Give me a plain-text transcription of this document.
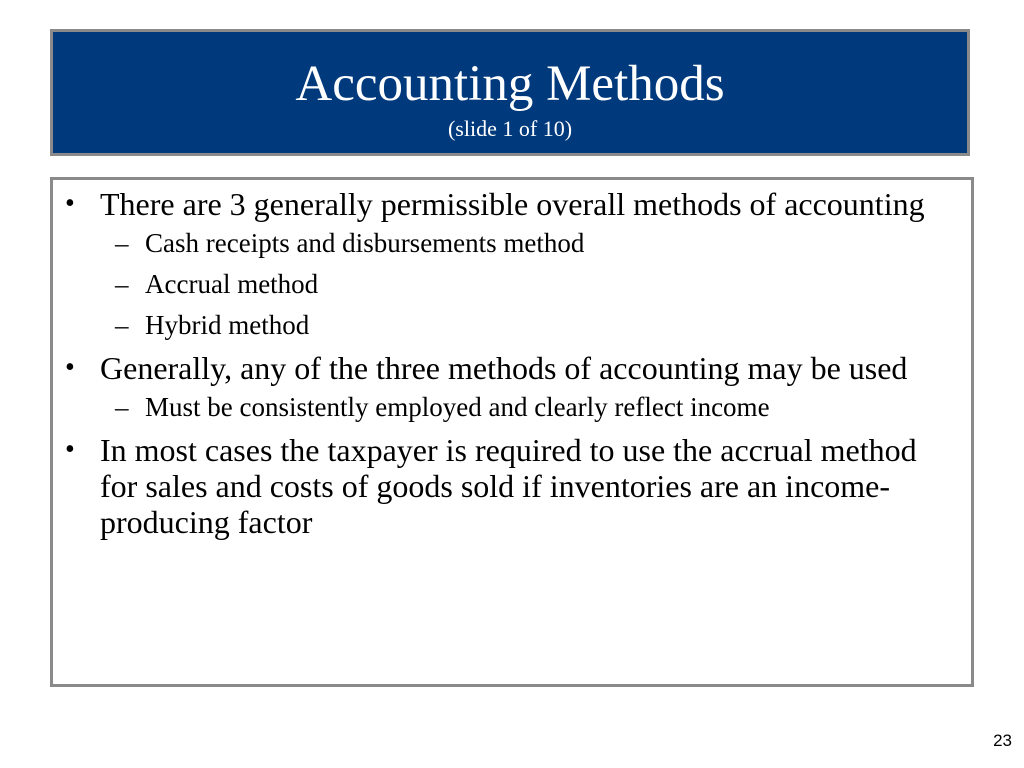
Accounting Methods
(slide 1 of 10)
• There are 3 generally permissible overall methods of accounting
– Cash receipts and disbursements method
– Accrual method
– Hybrid method
• Generally, any of the three methods of accounting may be used
– Must be consistently employed and clearly reflect income
• In most cases the taxpayer is required to use the accrual method for sales and costs of goods sold if inventories are an income-producing factor
23
